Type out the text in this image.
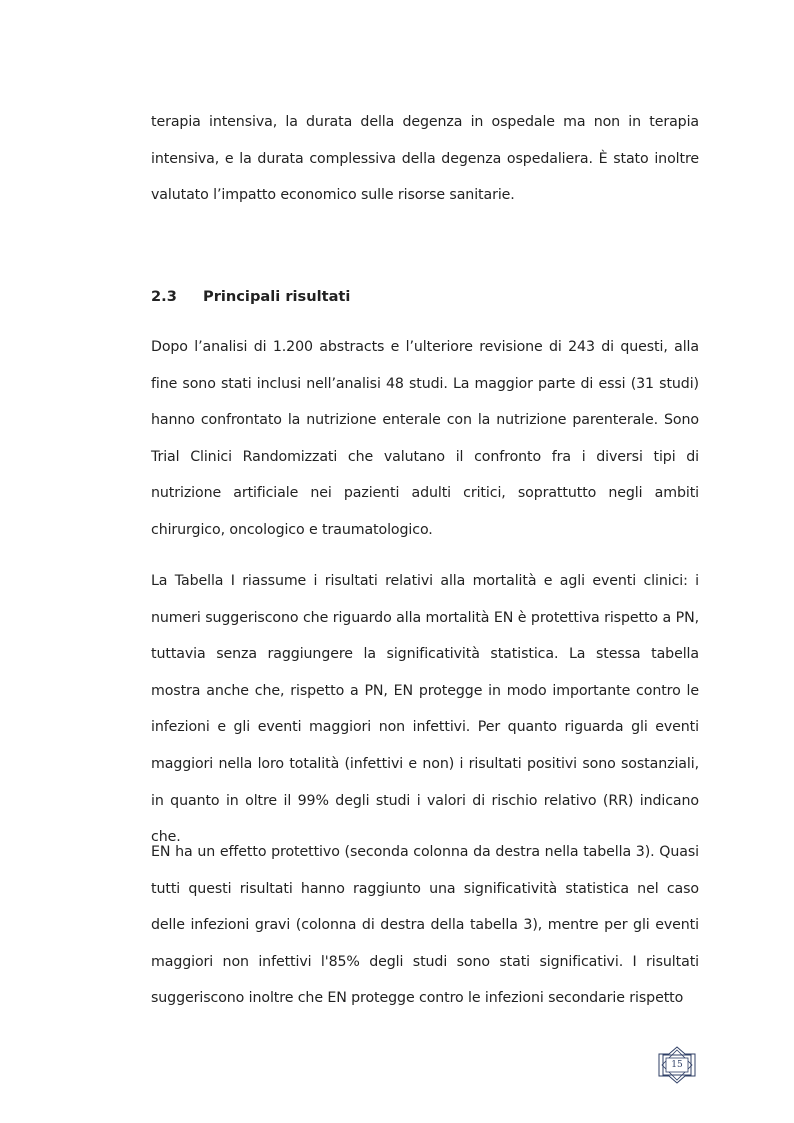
terapia intensiva, la durata della degenza in ospedale ma non in terapia intensiva, e la durata complessiva della degenza ospedaliera. È stato inoltre valutato l’impatto economico sulle risorse sanitarie.

2.3 Principali risultati

Dopo l’analisi di 1.200 abstracts e l’ulteriore revisione di 243 di questi, alla fine sono stati inclusi nell’analisi 48 studi. La maggior parte di essi (31 studi) hanno confrontato la nutrizione enterale con la nutrizione parenterale. Sono Trial Clinici Randomizzati che valutano il confronto fra i diversi tipi di nutrizione artificiale nei pazienti adulti critici, soprattutto negli ambiti chirurgico, oncologico e traumatologico.

La Tabella I riassume i risultati relativi alla mortalità e agli eventi clinici: i numeri suggeriscono che riguardo alla mortalità EN è protettiva rispetto a PN, tuttavia senza raggiungere la significatività statistica. La stessa tabella mostra anche che, rispetto a PN, EN protegge in modo importante contro le infezioni e gli eventi maggiori non infettivi. Per quanto riguarda gli eventi maggiori nella loro totalità (infettivi e non) i risultati positivi sono sostanziali, in quanto in oltre il 99% degli studi i valori di rischio relativo (RR) indicano che.

EN ha un effetto protettivo (seconda colonna da destra nella tabella 3). Quasi tutti questi risultati hanno raggiunto una significatività statistica nel caso delle infezioni gravi (colonna di destra della tabella 3), mentre per gli eventi maggiori non infettivi l'85% degli studi sono stati significativi. I risultati suggeriscono inoltre che EN protegge contro le infezioni secondarie rispetto

15
